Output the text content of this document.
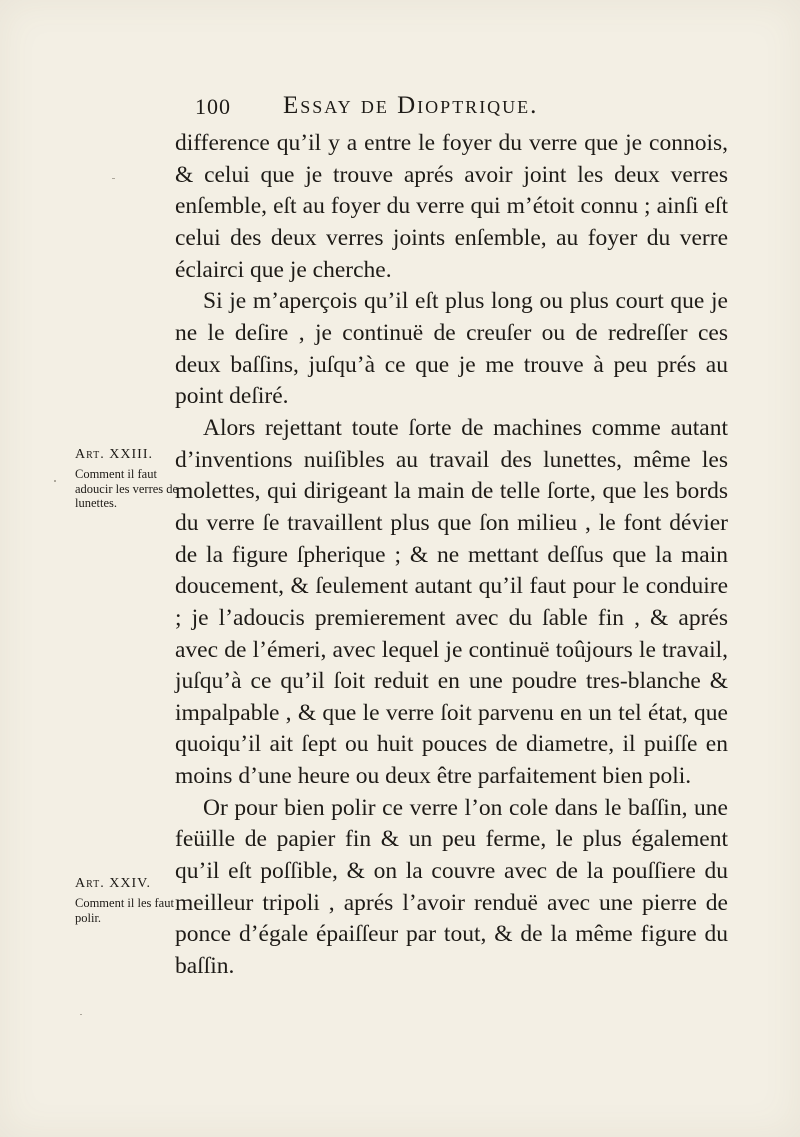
100 Essay de Dioptrique.

difference qu’il y a entre le foyer du verre que je connois, & celui que je trouve aprés avoir joint les deux verres enſemble, eſt au foyer du verre qui m’étoit connu ; ainſi eſt celui des deux verres joints enſemble, au foyer du verre éclairci que je cherche.

Si je m’aperçois qu’il eſt plus long ou plus court que je ne le deſire , je continuë de creuſer ou de redreſſer ces deux baſſins, juſqu’à ce que je me trouve à peu prés au point deſiré.

Alors rejettant toute ſorte de machines comme autant d’inventions nuiſibles au travail des lunettes, même les molettes, qui dirigeant la main de telle ſorte, que les bords du verre ſe travaillent plus que ſon milieu , le font dévier de la figure ſpherique ; & ne mettant deſſus que la main doucement, & ſeulement autant qu’il faut pour le conduire ; je l’adoucis premierement avec du ſable fin , & aprés avec de l’émeri, avec lequel je continuë toûjours le travail, juſqu’à ce qu’il ſoit reduit en une poudre tres-blanche & impalpable , & que le verre ſoit parvenu en un tel état, que quoiqu’il ait ſept ou huit pouces de diametre, il puiſſe en moins d’une heure ou deux être parfaitement bien poli.

Or pour bien polir ce verre l’on cole dans le baſſin, une feüille de papier fin & un peu ferme, le plus également qu’il eſt poſſible, & on la couvre avec de la pouſſiere du meilleur tripoli , aprés l’avoir renduë avec une pierre de ponce d’égale épaiſſeur par tout, & de la même figure du baſſin.

Art. XXIII.
Comment il faut adoucir les verres de lunettes.
Art. XXIV.
Comment il les faut polir.
